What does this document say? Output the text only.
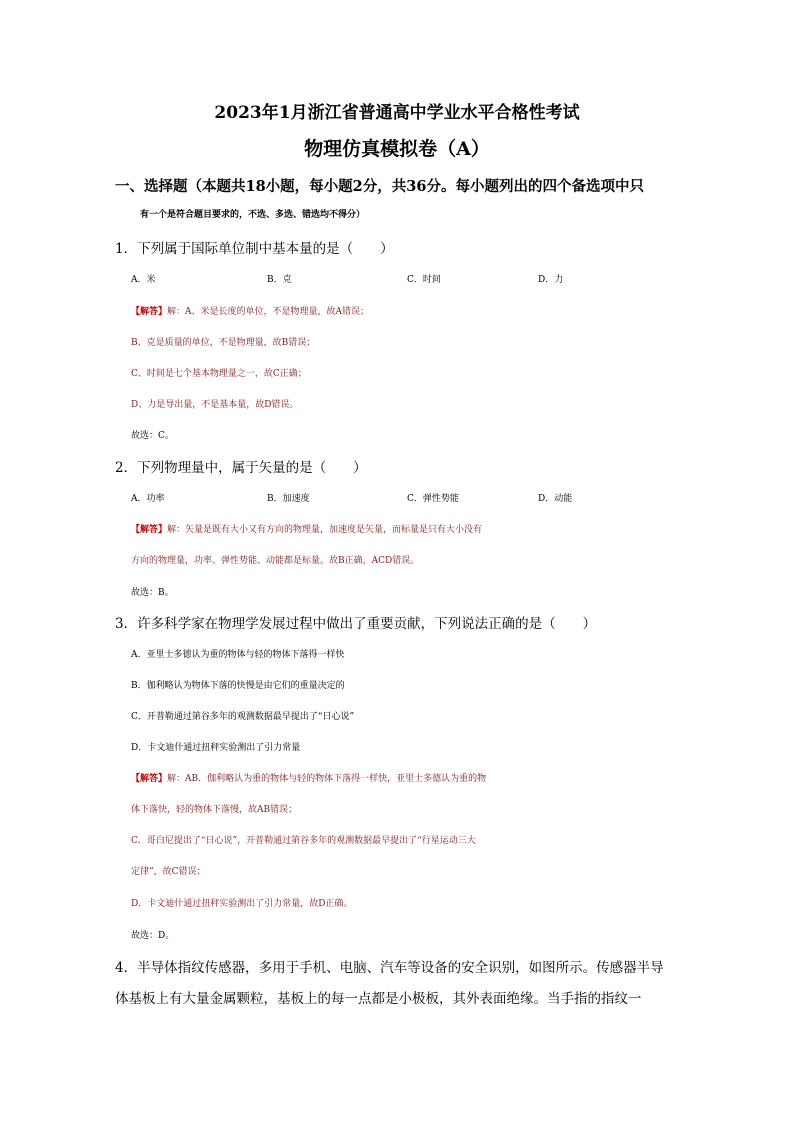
2023年1月浙江省普通高中学业水平合格性考试
物理仿真模拟卷（A）
一、选择题（本题共18小题，每小题2分，共36分。每小题列出的四个备选项中只
有一个是符合题目要求的，不选、多选、错选均不得分）
1．下列属于国际单位制中基本量的是（　　）
A．米	B．克	C．时间	D．力
【解答】解：A、米是长度的单位，不是物理量，故A错误；
B、克是质量的单位，不是物理量，故B错误；
C、时间是七个基本物理量之一，故C正确；
D、力是导出量，不是基本量，故D错误。
故选：C。
2．下列物理量中，属于矢量的是（　　）
A．功率	B．加速度	C．弹性势能	D．动能
【解答】解：矢量是既有大小又有方向的物理量，加速度是矢量，而标量是只有大小没有
方向的物理量，功率、弹性势能、动能都是标量。故B正确，ACD错误。
故选：B。
3．许多科学家在物理学发展过程中做出了重要贡献，下列说法正确的是（　　）
A．亚里士多德认为重的物体与轻的物体下落得一样快
B．伽利略认为物体下落的快慢是由它们的重量决定的
C．开普勒通过第谷多年的观测数据最早提出了“日心说”
D．卡文迪什通过扭秤实验测出了引力常量
【解答】解：AB．伽利略认为重的物体与轻的物体下落得一样快，亚里士多德认为重的物
体下落快，轻的物体下落慢，故AB错误；
C．哥白尼提出了“日心说”，开普勒通过第谷多年的观测数据最早提出了“行星运动三大
定律”，故C错误；
D．卡文迪什通过扭秤实验测出了引力常量，故D正确。
故选：D。
4．半导体指纹传感器，多用于手机、电脑、汽车等设备的安全识别，如图所示。传感器半导
体基板上有大量金属颗粒，基板上的每一点都是小极板，其外表面绝缘。当手指的指纹一
